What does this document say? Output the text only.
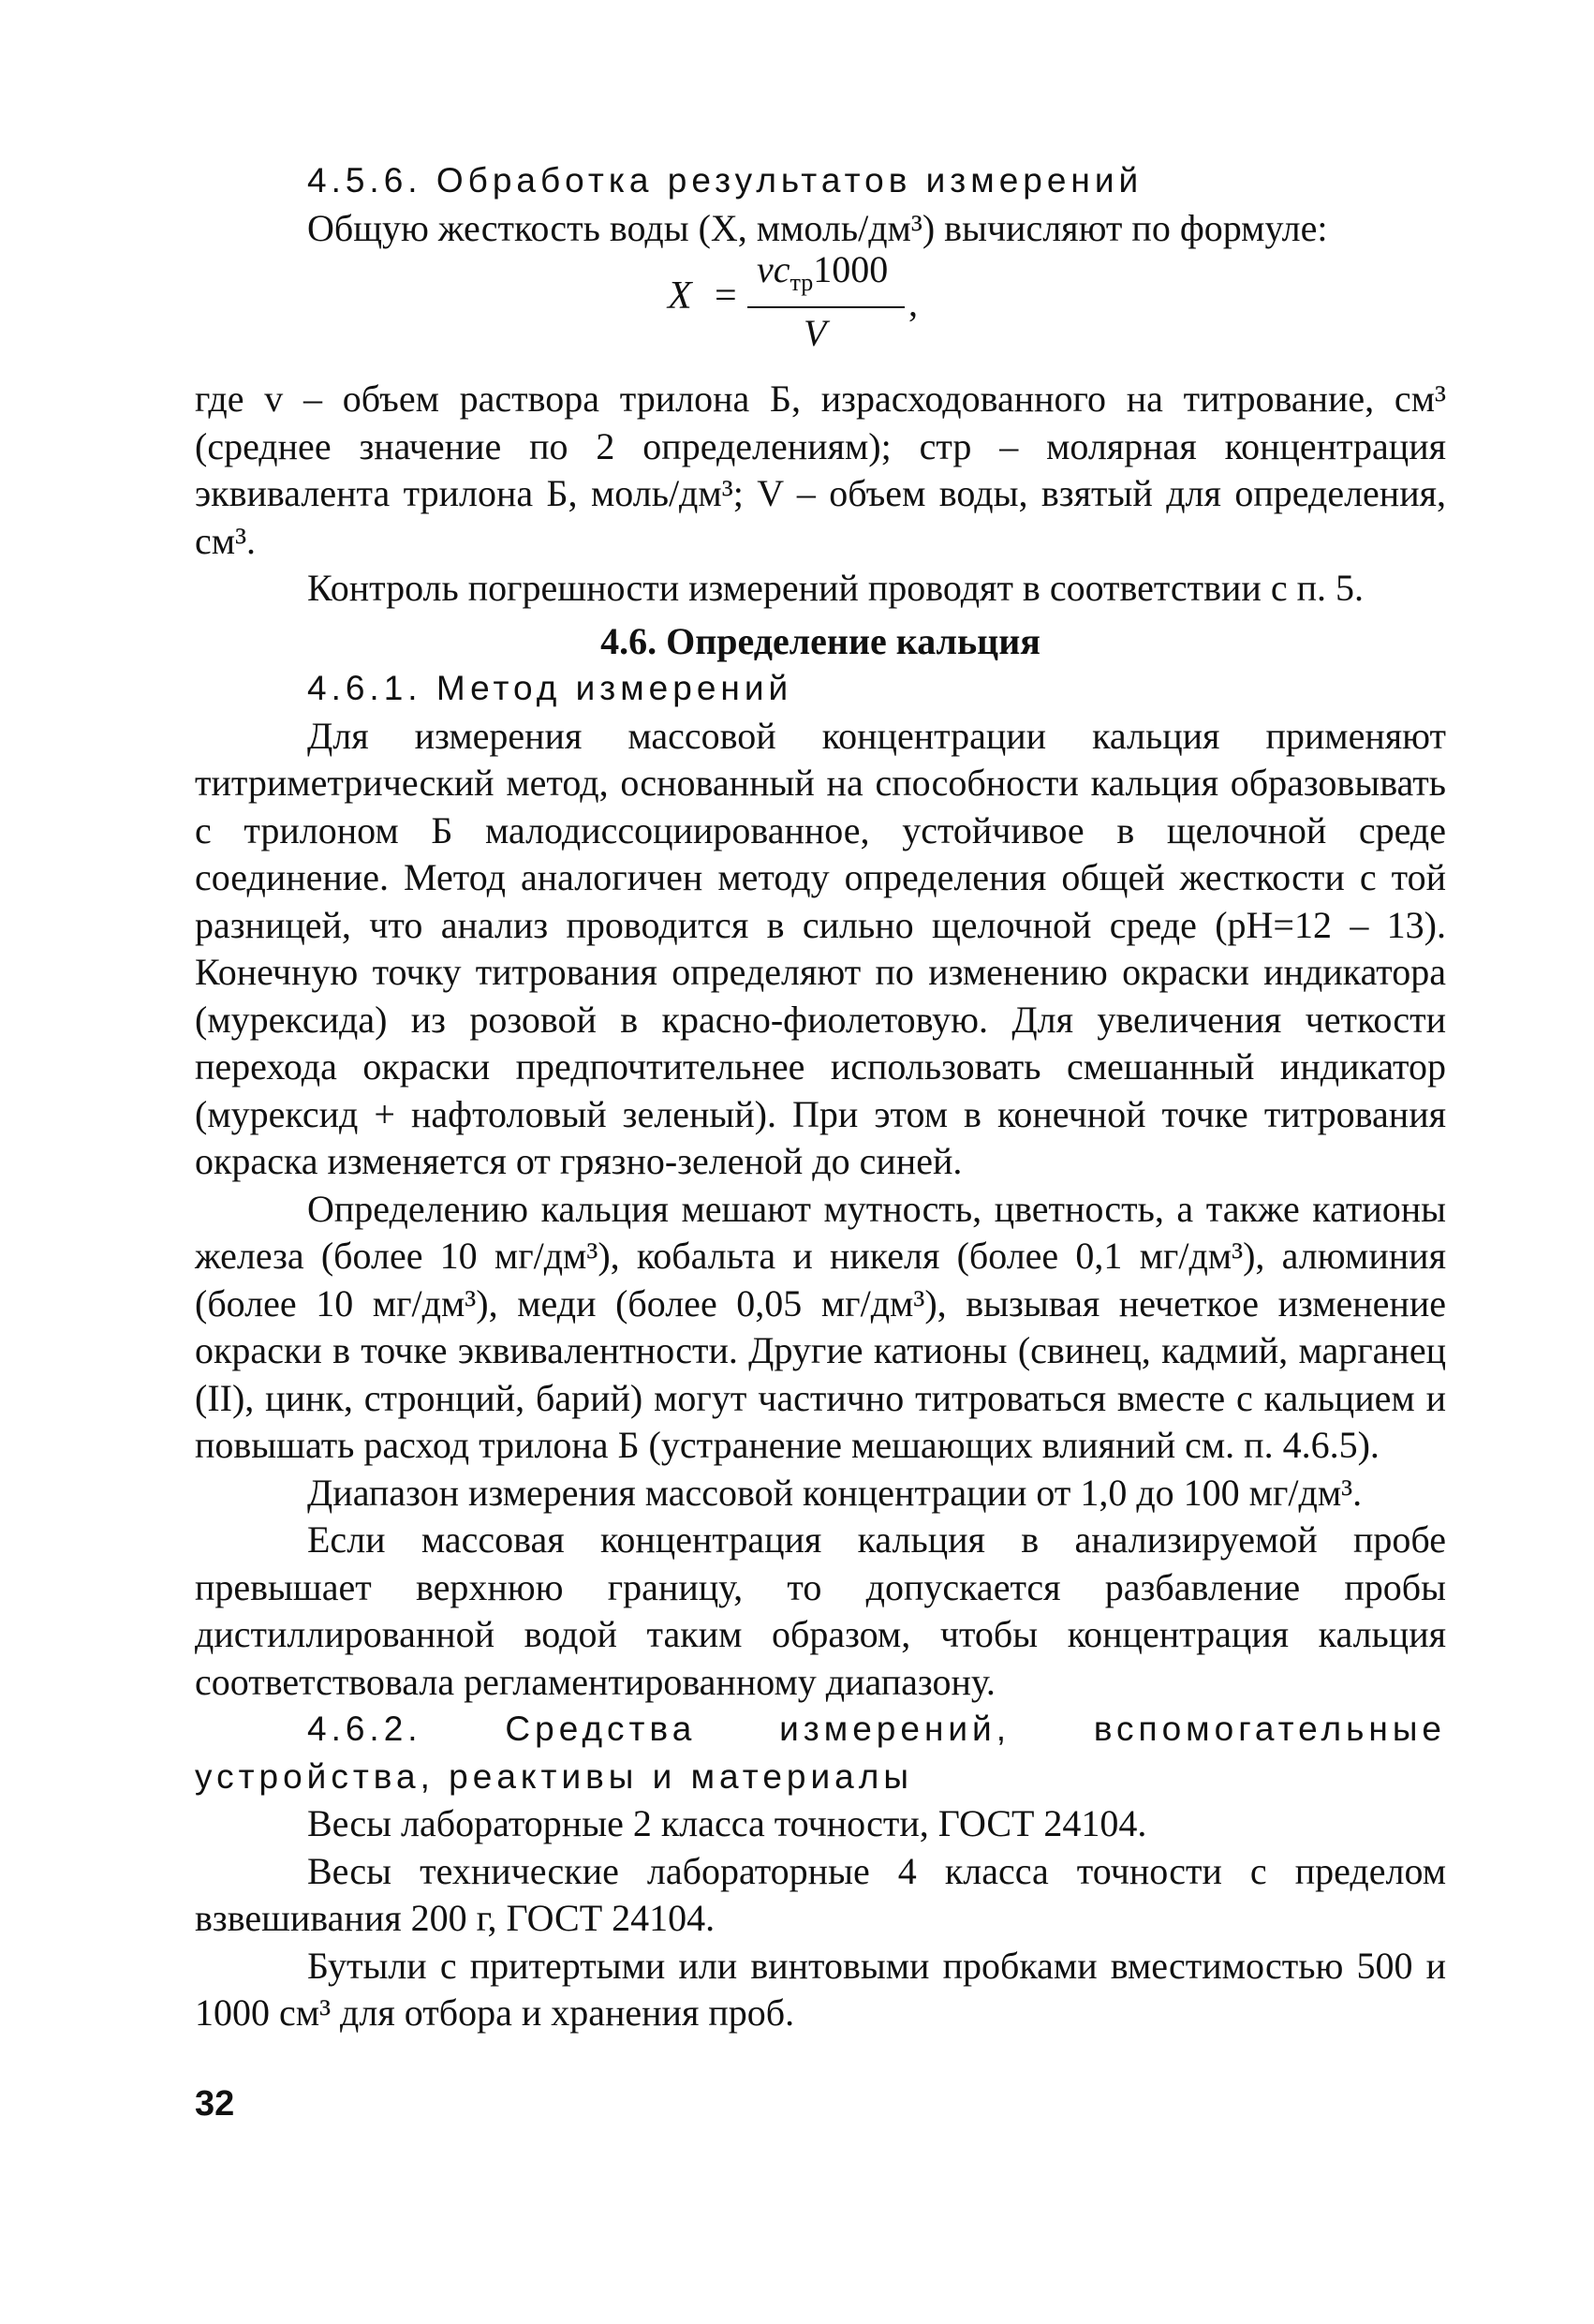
4.5.6. Обработка результатов измерений

Общую жесткость воды (X, ммоль/дм³) вычисляют по формуле:

X =
$vc_{тр}1000$
V
,

где v – объем раствора трилона Б, израсходованного на титрование, см³ (среднее значение по 2 определениям); cтр – молярная концентрация эквивалента трилона Б, моль/дм³; V – объем воды, взятый для определения, см³.

Контроль погрешности измерений проводят в соответствии с п. 5.

4.6. Определение кальция
4.6.1. Метод измерений

Для измерения массовой концентрации кальция применяют титриметрический метод, основанный на способности кальция образовывать с трилоном Б малодиссоциированное, устойчивое в щелочной среде соединение. Метод аналогичен методу определения общей жесткости с той разницей, что анализ проводится в сильно щелочной среде (pH=12 – 13). Конечную точку титрования определяют по изменению окраски индикатора (мурексида) из розовой в красно-фиолетовую. Для увеличения четкости перехода окраски предпочтительнее использовать смешанный индикатор (мурексид + нафтоловый зеленый). При этом в конечной точке титрования окраска изменяется от грязно-зеленой до синей.

Определению кальция мешают мутность, цветность, а также катионы железа (более 10 мг/дм³), кобальта и никеля (более 0,1 мг/дм³), алюминия (более 10 мг/дм³), меди (более 0,05 мг/дм³), вызывая нечеткое изменение окраски в точке эквивалентности. Другие катионы (свинец, кадмий, марганец (II), цинк, стронций, барий) могут частично титроваться вместе с кальцием и повышать расход трилона Б (устранение мешающих влияний см. п. 4.6.5).

Диапазон измерения массовой концентрации от 1,0 до 100 мг/дм³.

Если массовая концентрация кальция в анализируемой пробе превышает верхнюю границу, то допускается разбавление пробы дистиллированной водой таким образом, чтобы концентрация кальция соответствовала регламентированному диапазону.

4.6.2. Средства измерений, вспомогательные устройства, реактивы и материалы

Весы лабораторные 2 класса точности, ГОСТ 24104.

Весы технические лабораторные 4 класса точности с пределом взвешивания 200 г, ГОСТ 24104.

Бутыли с притертыми или винтовыми пробками вместимостью 500 и 1000 см³ для отбора и хранения проб.

32
